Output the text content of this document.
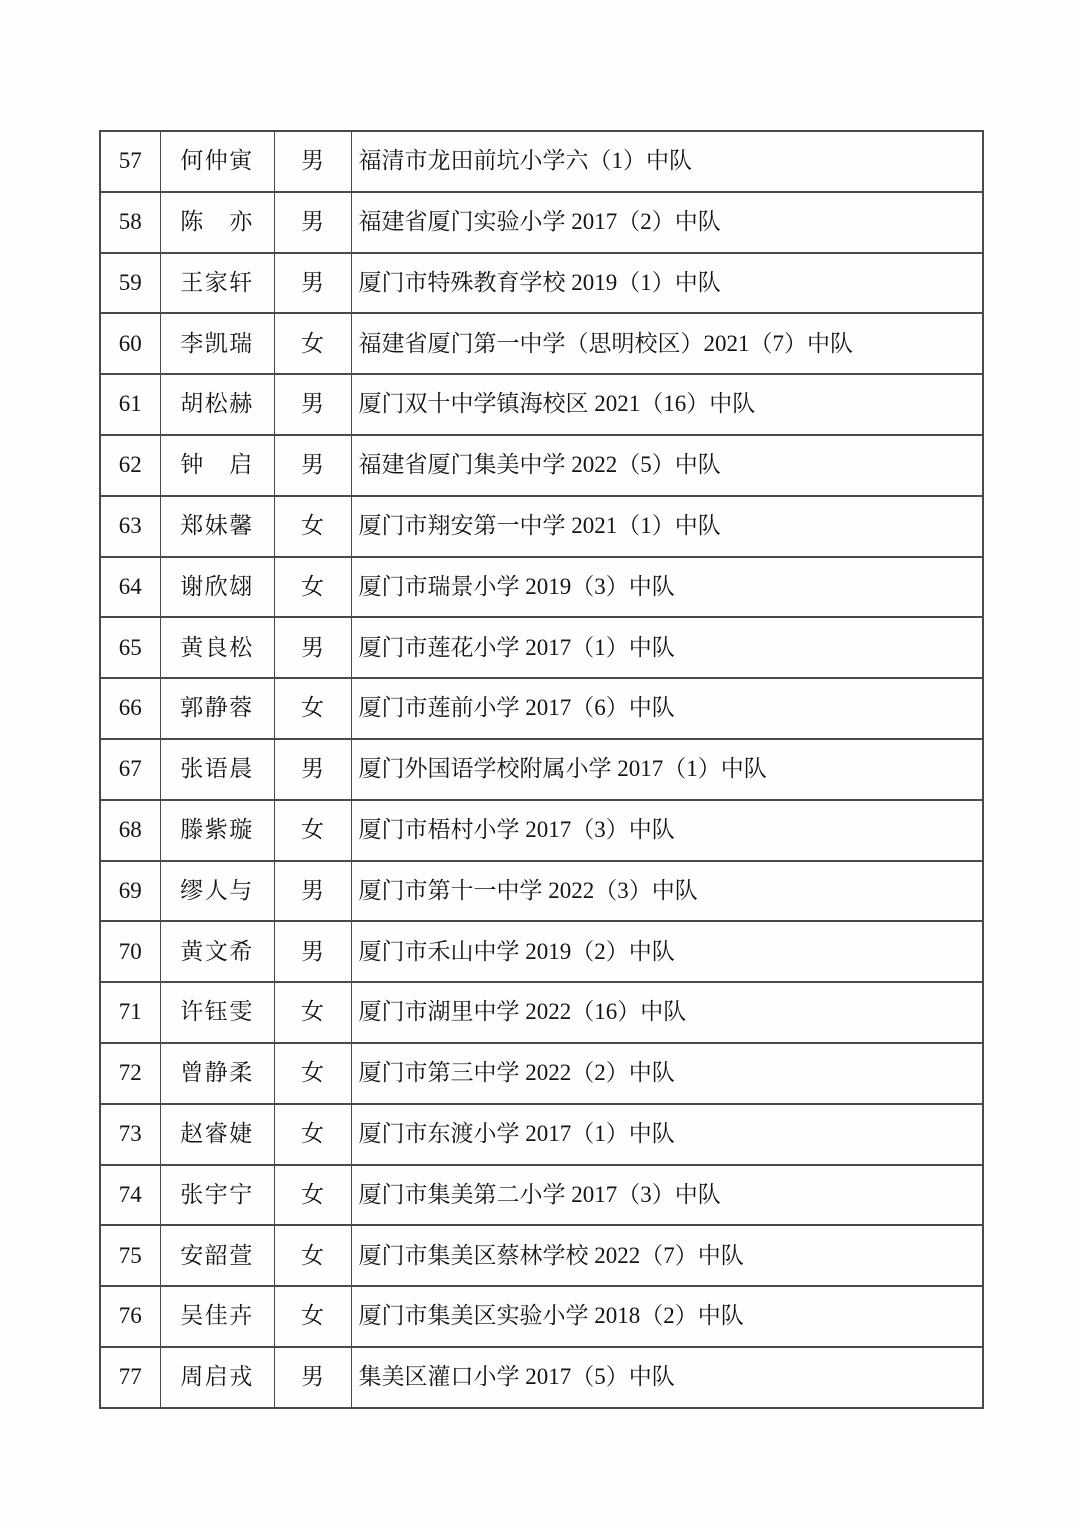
57	何仲寅	男	福清市龙田前坑小学六（1）中队
58	陈　亦	男	福建省厦门实验小学 2017（2）中队
59	王家轩	男	厦门市特殊教育学校 2019（1）中队
60	李凯瑞	女	福建省厦门第一中学（思明校区）2021（7）中队
61	胡松赫	男	厦门双十中学镇海校区 2021（16）中队
62	钟　启	男	福建省厦门集美中学 2022（5）中队
63	郑妹馨	女	厦门市翔安第一中学 2021（1）中队
64	谢欣翃	女	厦门市瑞景小学 2019（3）中队
65	黄良松	男	厦门市莲花小学 2017（1）中队
66	郭静蓉	女	厦门市莲前小学 2017（6）中队
67	张语晨	男	厦门外国语学校附属小学 2017（1）中队
68	滕紫璇	女	厦门市梧村小学 2017（3）中队
69	缪人与	男	厦门市第十一中学 2022（3）中队
70	黄文希	男	厦门市禾山中学 2019（2）中队
71	许钰雯	女	厦门市湖里中学 2022（16）中队
72	曾静柔	女	厦门市第三中学 2022（2）中队
73	赵睿婕	女	厦门市东渡小学 2017（1）中队
74	张宇宁	女	厦门市集美第二小学 2017（3）中队
75	安韶萱	女	厦门市集美区蔡林学校 2022（7）中队
76	吴佳卉	女	厦门市集美区实验小学 2018（2）中队
77	周启戎	男	集美区灌口小学 2017（5）中队
